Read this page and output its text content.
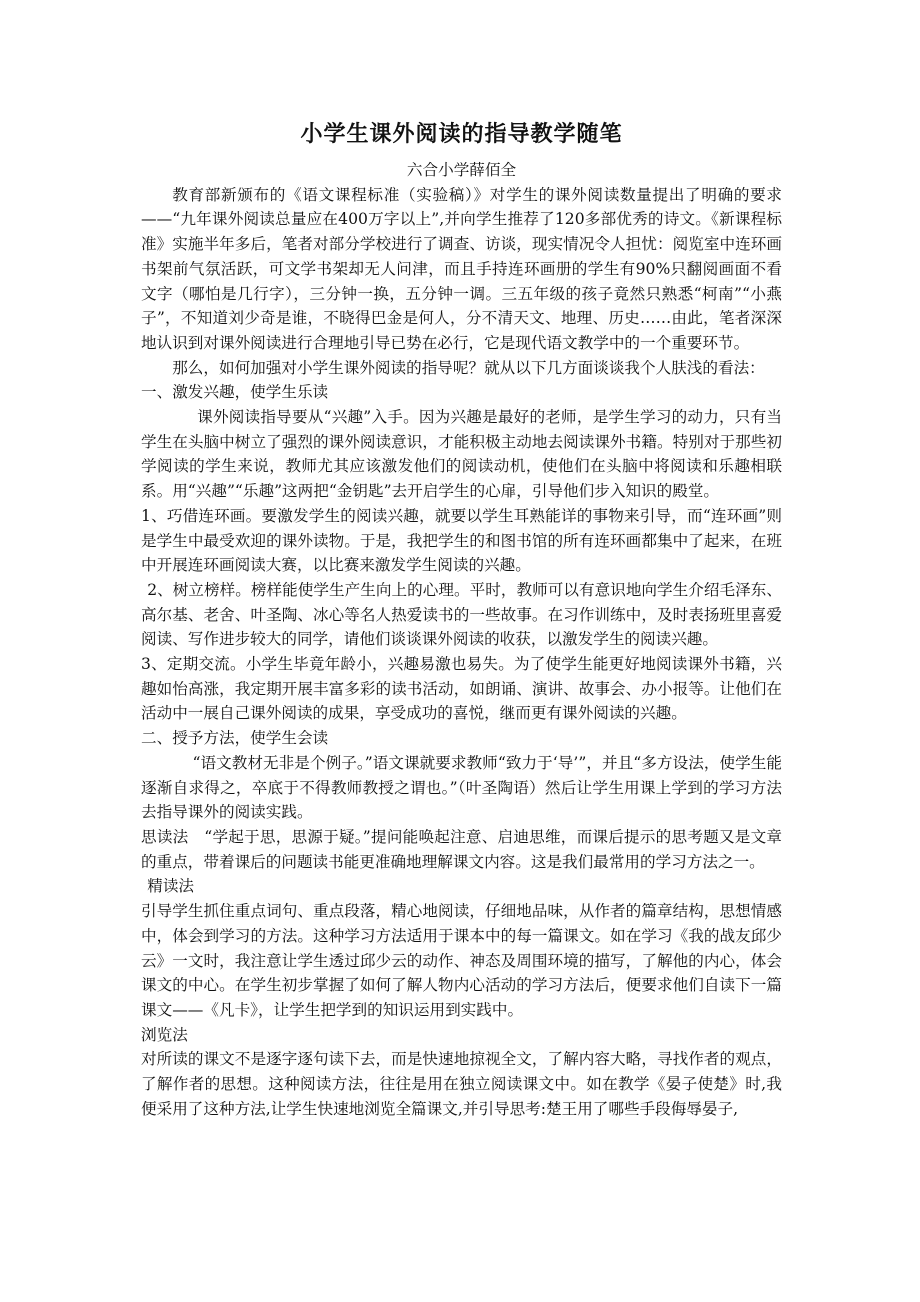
小学生课外阅读的指导教学随笔
六合小学薛佰全

教育部新颁布的《语文课程标准（实验稿）》对学生的课外阅读数量提出了明确的要求——“九年课外阅读总量应在400万字以上”,并向学生推荐了120多部优秀的诗文。《新课程标准》实施半年多后，笔者对部分学校进行了调查、访谈，现实情况令人担忧：阅览室中连环画书架前气氛活跃，可文学书架却无人问津，而且手持连环画册的学生有90%只翻阅画面不看文字（哪怕是几行字），三分钟一换，五分钟一调。三五年级的孩子竟然只熟悉“柯南”“小燕子”，不知道刘少奇是谁，不晓得巴金是何人，分不清天文、地理、历史……由此，笔者深深地认识到对课外阅读进行合理地引导已势在必行，它是现代语文教学中的一个重要环节。

那么，如何加强对小学生课外阅读的指导呢？就从以下几方面谈谈我个人肤浅的看法：

一、激发兴趣，使学生乐读

课外阅读指导要从“兴趣”入手。因为兴趣是最好的老师，是学生学习的动力，只有当学生在头脑中树立了强烈的课外阅读意识，才能积极主动地去阅读课外书籍。特别对于那些初学阅读的学生来说，教师尤其应该激发他们的阅读动机，使他们在头脑中将阅读和乐趣相联系。用“兴趣”“乐趣”这两把“金钥匙”去开启学生的心扉，引导他们步入知识的殿堂。

1、巧借连环画。要激发学生的阅读兴趣，就要以学生耳熟能详的事物来引导，而“连环画”则是学生中最受欢迎的课外读物。于是，我把学生的和图书馆的所有连环画都集中了起来，在班中开展连环画阅读大赛，以比赛来激发学生阅读的兴趣。

2、树立榜样。榜样能使学生产生向上的心理。平时，教师可以有意识地向学生介绍毛泽东、高尔基、老舍、叶圣陶、冰心等名人热爱读书的一些故事。在习作训练中，及时表扬班里喜爱阅读、写作进步较大的同学，请他们谈谈课外阅读的收获，以激发学生的阅读兴趣。

3、定期交流。小学生毕竟年龄小，兴趣易激也易失。为了使学生能更好地阅读课外书籍，兴趣如怡高涨，我定期开展丰富多彩的读书活动，如朗诵、演讲、故事会、办小报等。让他们在活动中一展自己课外阅读的成果，享受成功的喜悦，继而更有课外阅读的兴趣。

二、授予方法，使学生会读

“语文教材无非是个例子。”语文课就要求教师“致力于‘导’”，并且“多方设法，使学生能逐渐自求得之，卒底于不得教师教授之谓也。”（叶圣陶语）然后让学生用课上学到的学习方法去指导课外的阅读实践。

思读法　“学起于思，思源于疑。”提问能唤起注意、启迪思维，而课后提示的思考题又是文章的重点，带着课后的问题读书能更准确地理解课文内容。这是我们最常用的学习方法之一。

精读法

引导学生抓住重点词句、重点段落，精心地阅读，仔细地品味，从作者的篇章结构，思想情感中，体会到学习的方法。这种学习方法适用于课本中的每一篇课文。如在学习《我的战友邱少云》一文时，我注意让学生透过邱少云的动作、神态及周围环境的描写，了解他的内心，体会课文的中心。在学生初步掌握了如何了解人物内心活动的学习方法后，便要求他们自读下一篇课文——《凡卡》，让学生把学到的知识运用到实践中。

浏览法

对所读的课文不是逐字逐句读下去，而是快速地掠视全文，了解内容大略，寻找作者的观点，了解作者的思想。这种阅读方法，往往是用在独立阅读课文中。如在教学《晏子使楚》时,我便采用了这种方法,让学生快速地浏览全篇课文,并引导思考:楚王用了哪些手段侮辱晏子,
